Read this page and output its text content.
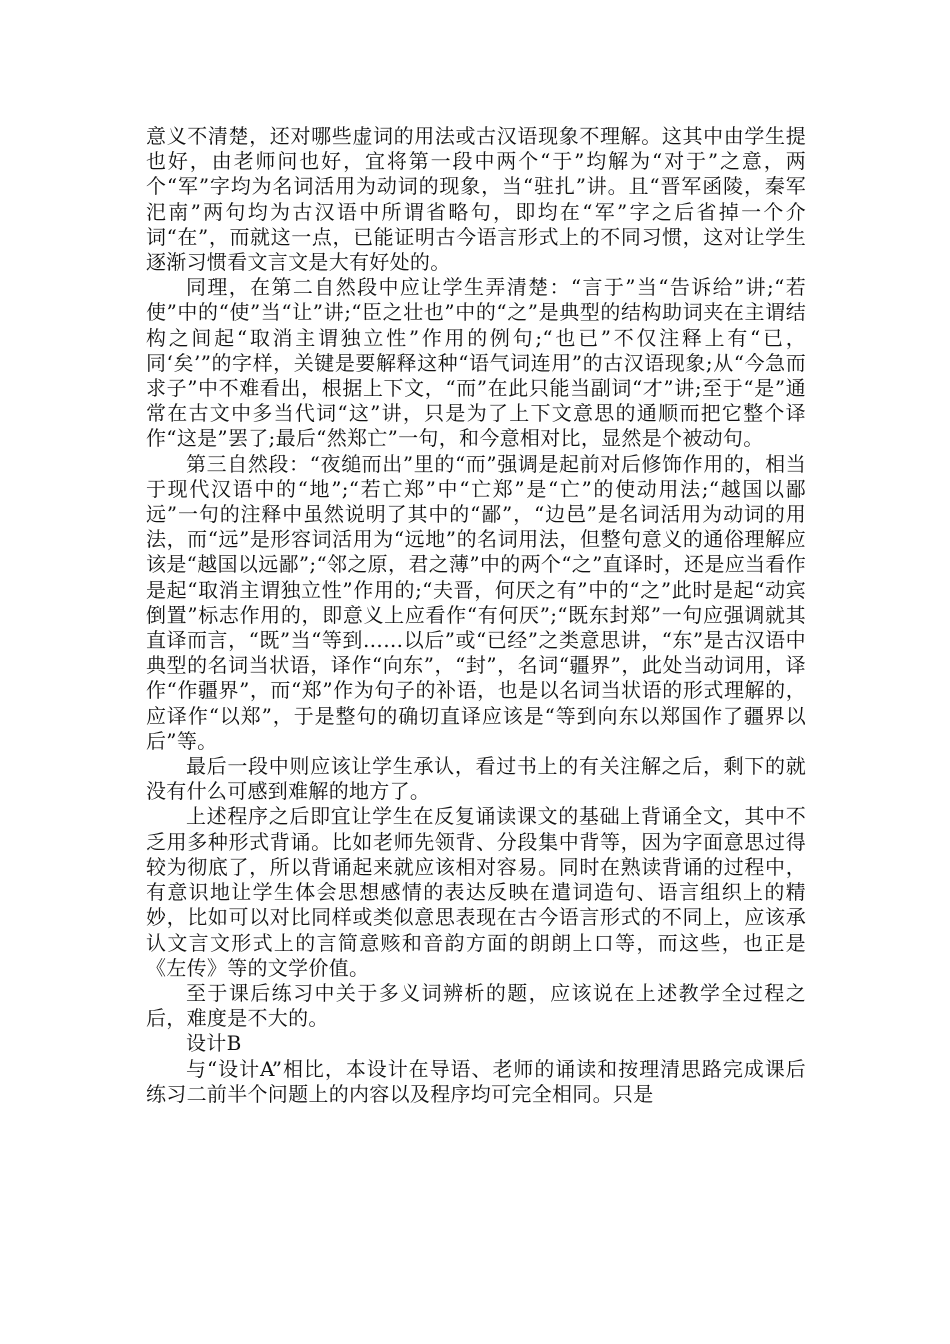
意义不清楚，还对哪些虚词的用法或古汉语现象不理解。这其中由学生提也好，由老师问也好，宜将第一段中两个“于”均解为“对于”之意，两个“军”字均为名词活用为动词的现象，当“驻扎”讲。且“晋军函陵，秦军汜南”两句均为古汉语中所谓省略句，即均在“军”字之后省掉一个介词“在”，而就这一点，已能证明古今语言形式上的不同习惯，这对让学生逐渐习惯看文言文是大有好处的。

同理，在第二自然段中应让学生弄清楚：“言于”当“告诉给”讲;“若使”中的“使”当“让”讲;“臣之壮也”中的“之”是典型的结构助词夹在主谓结构之间起“取消主谓独立性”作用的例句;“也已”不仅注释上有“已，同‘矣’”的字样，关键是要解释这种“语气词连用”的古汉语现象;从“今急而求子”中不难看出，根据上下文，“而”在此只能当副词“才”讲;至于“是”通常在古文中多当代词“这”讲，只是为了上下文意思的通顺而把它整个译作“这是”罢了;最后“然郑亡”一句，和今意相对比，显然是个被动句。

第三自然段：“夜缒而出”里的“而”强调是起前对后修饰作用的，相当于现代汉语中的“地”;“若亡郑”中“亡郑”是“亡”的使动用法;“越国以鄙远”一句的注释中虽然说明了其中的“鄙”，“边邑”是名词活用为动词的用法，而“远”是形容词活用为“远地”的名词用法，但整句意义的通俗理解应该是“越国以远鄙”;“邻之原，君之薄”中的两个“之”直译时，还是应当看作是起“取消主谓独立性”作用的;“夫晋，何厌之有”中的“之”此时是起“动宾倒置”标志作用的，即意义上应看作“有何厌”;“既东封郑”一句应强调就其直译而言，“既”当“等到……以后”或“已经”之类意思讲，“东”是古汉语中典型的名词当状语，译作“向东”，“封”，名词“疆界”，此处当动词用，译作“作疆界”，而“郑”作为句子的补语，也是以名词当状语的形式理解的，应译作“以郑”，于是整句的确切直译应该是“等到向东以郑国作了疆界以后”等。

最后一段中则应该让学生承认，看过书上的有关注解之后，剩下的就没有什么可感到难解的地方了。

上述程序之后即宜让学生在反复诵读课文的基础上背诵全文，其中不乏用多种形式背诵。比如老师先领背、分段集中背等，因为字面意思过得较为彻底了，所以背诵起来就应该相对容易。同时在熟读背诵的过程中，有意识地让学生体会思想感情的表达反映在遣词造句、语言组织上的精妙，比如可以对比同样或类似意思表现在古今语言形式的不同上，应该承认文言文形式上的言简意赅和音韵方面的朗朗上口等，而这些，也正是《左传》等的文学价值。

至于课后练习中关于多义词辨析的题，应该说在上述教学全过程之后，难度是不大的。

设计B

与“设计A”相比，本设计在导语、老师的诵读和按理清思路完成课后练习二前半个问题上的内容以及程序均可完全相同。只是
